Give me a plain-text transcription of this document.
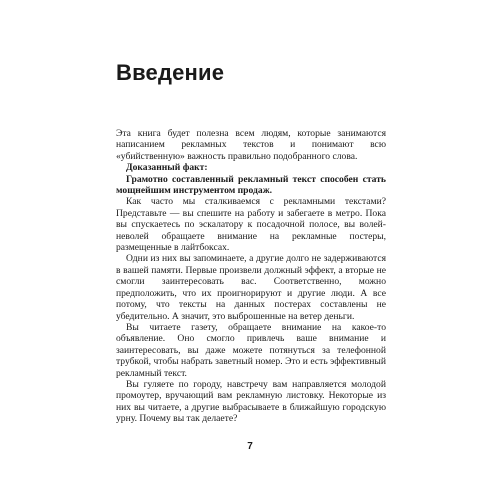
Введение

Эта книга будет полезна всем людям, которые занимаются написанием рекламных текстов и понимают всю «убийственную» важность правильно подобранного слова.

Доказанный факт:

Грамотно составленный рекламный текст способен стать мощнейшим инструментом продаж.

Как часто мы сталкиваемся с рекламными текстами? Представьте — вы спешите на работу и забегаете в метро. Пока вы спускаетесь по эскалатору к посадочной полосе, вы волей-неволей обращаете внимание на рекламные постеры, размещенные в лайтбоксах.

Одни из них вы запоминаете, а другие долго не задерживаются в вашей памяти. Первые произвели должный эффект, а вторые не смогли заинтересовать вас. Соответственно, можно предположить, что их проигнорируют и другие люди. А все потому, что тексты на данных постерах составлены не убедительно. А значит, это выброшенные на ветер деньги.

Вы читаете газету, обращаете внимание на какое-то объявление. Оно смогло привлечь ваше внимание и заинтересовать, вы даже можете потянуться за телефонной трубкой, чтобы набрать заветный номер. Это и есть эффективный рекламный текст.

Вы гуляете по городу, навстречу вам направляется молодой промоутер, вручающий вам рекламную листовку. Некоторые из них вы читаете, а другие выбрасываете в ближайшую городскую урну. Почему вы так делаете?

7
